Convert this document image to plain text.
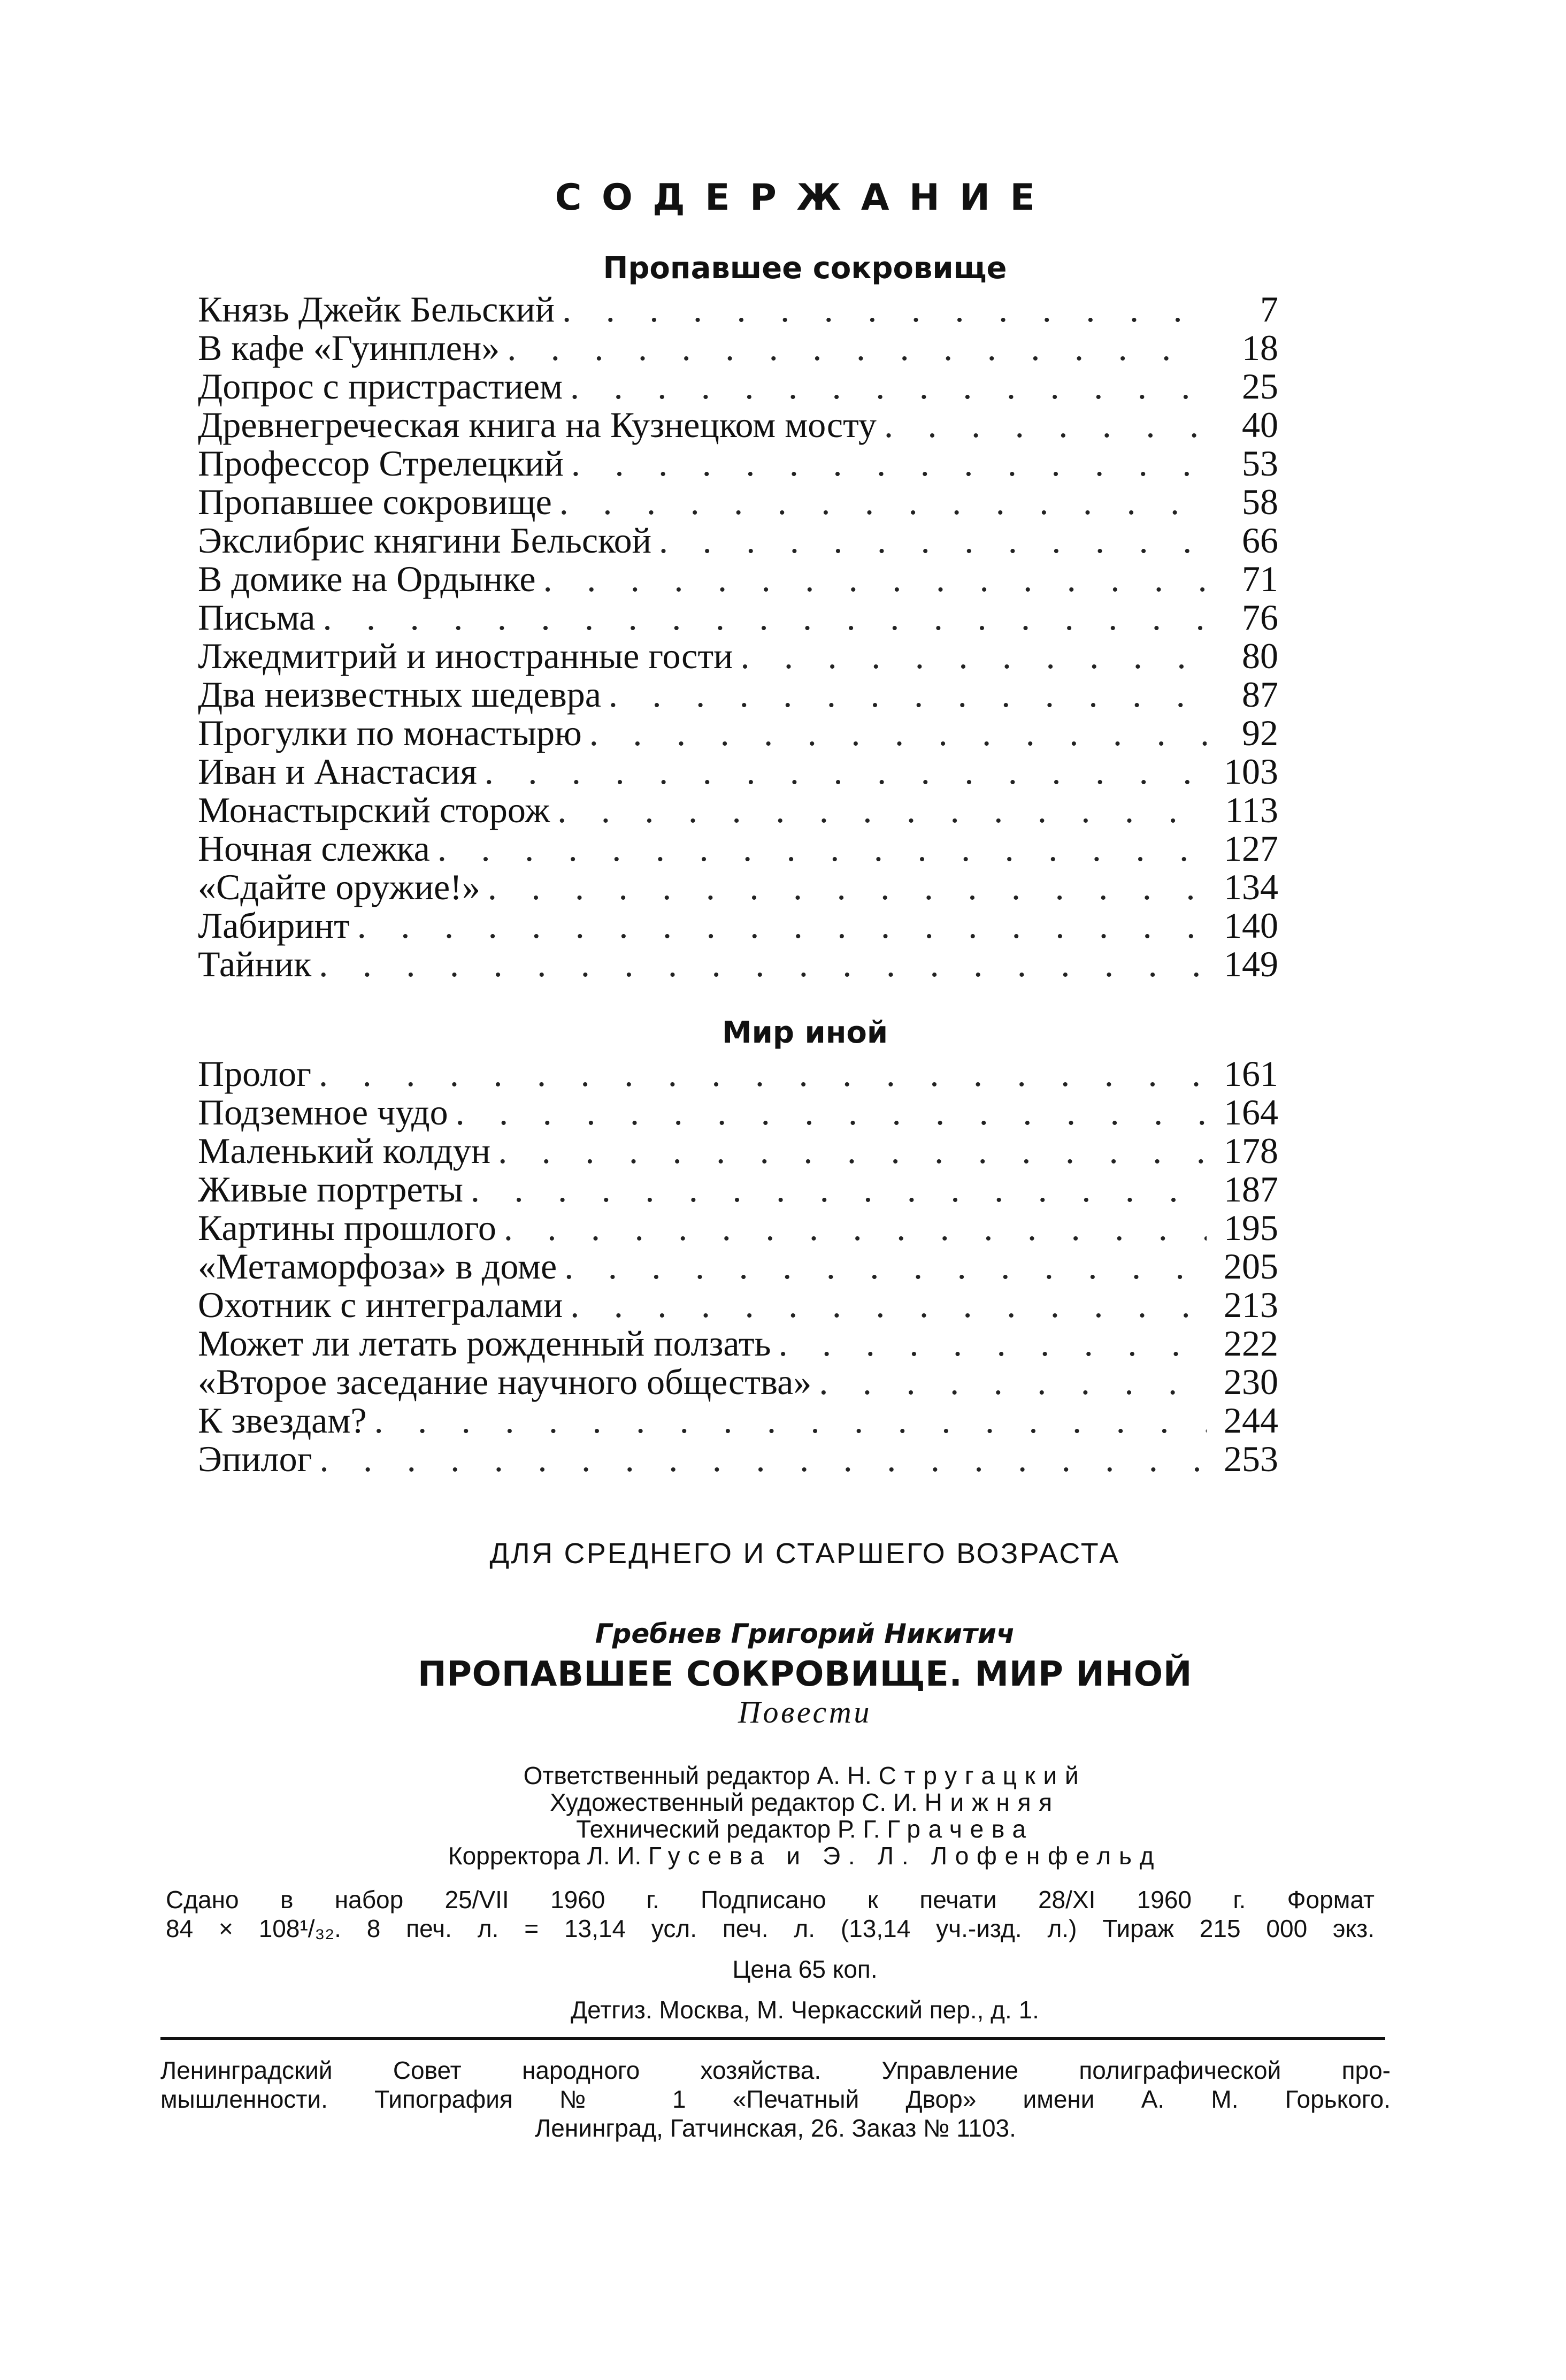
СОДЕРЖАНИЕ
Пропавшее сокровище
Князь Джейк Бельский . . .	7
В кафе «Гуинплен» . . .	18
Допрос с пристрастием . . .	25
Древнегреческая книга на Кузнецком мосту . . .	40
Профессор Стрелецкий . . .	53
Пропавшее сокровище . . .	58
Экслибрис княгини Бельской . . .	66
В домике на Ордынке . . .	71
Письма . . .	76
Лжедмитрий и иностранные гости . . .	80
Два неизвестных шедевра . . .	87
Прогулки по монастырю . . .	92
Иван и Анастасия . . .	103
Монастырский сторож . . .	113
Ночная слежка . . .	127
«Сдайте оружие!» . . .	134
Лабиринт . . .	140
Тайник . . .	149
Мир иной
Пролог . . .	161
Подземное чудо . . .	164
Маленький колдун . . .	178
Живые портреты . . .	187
Картины прошлого . . .	195
«Метаморфоза» в доме . . .	205
Охотник с интегралами . . .	213
Может ли летать рожденный ползать . . .	222
«Второе заседание научного общества» . . .	230
К звездам? . . .	244
Эпилог . . .	253
ДЛЯ СРЕДНЕГО И СТАРШЕГО ВОЗРАСТА
Гребнев Григорий Никитич
ПРОПАВШЕЕ СОКРОВИЩЕ. МИР ИНОЙ
Повести
Ответственный редактор А. Н. Стругацкий
Художественный редактор С. И. Нижняя
Технический редактор Р. Г. Грачева
Корректора Л. И. Гусева и Э. Л. Лофенфельд
Сдано в набор 25/VII 1960 г. Подписано к печати 28/XI 1960 г. Формат
84 × 108¹/₃₂. 8 печ. л. = 13,14 усл. печ. л. (13,14 уч.-изд. л.) Тираж 215 000 экз.
Цена 65 коп.
Детгиз. Москва, М. Черкасский пер., д. 1.
Ленинградский Совет народного хозяйства. Управление полиграфической про-
мышленности. Типография № 1 «Печатный Двор» имени А. М. Горького.
Ленинград, Гатчинская, 26. Заказ № 1103.
